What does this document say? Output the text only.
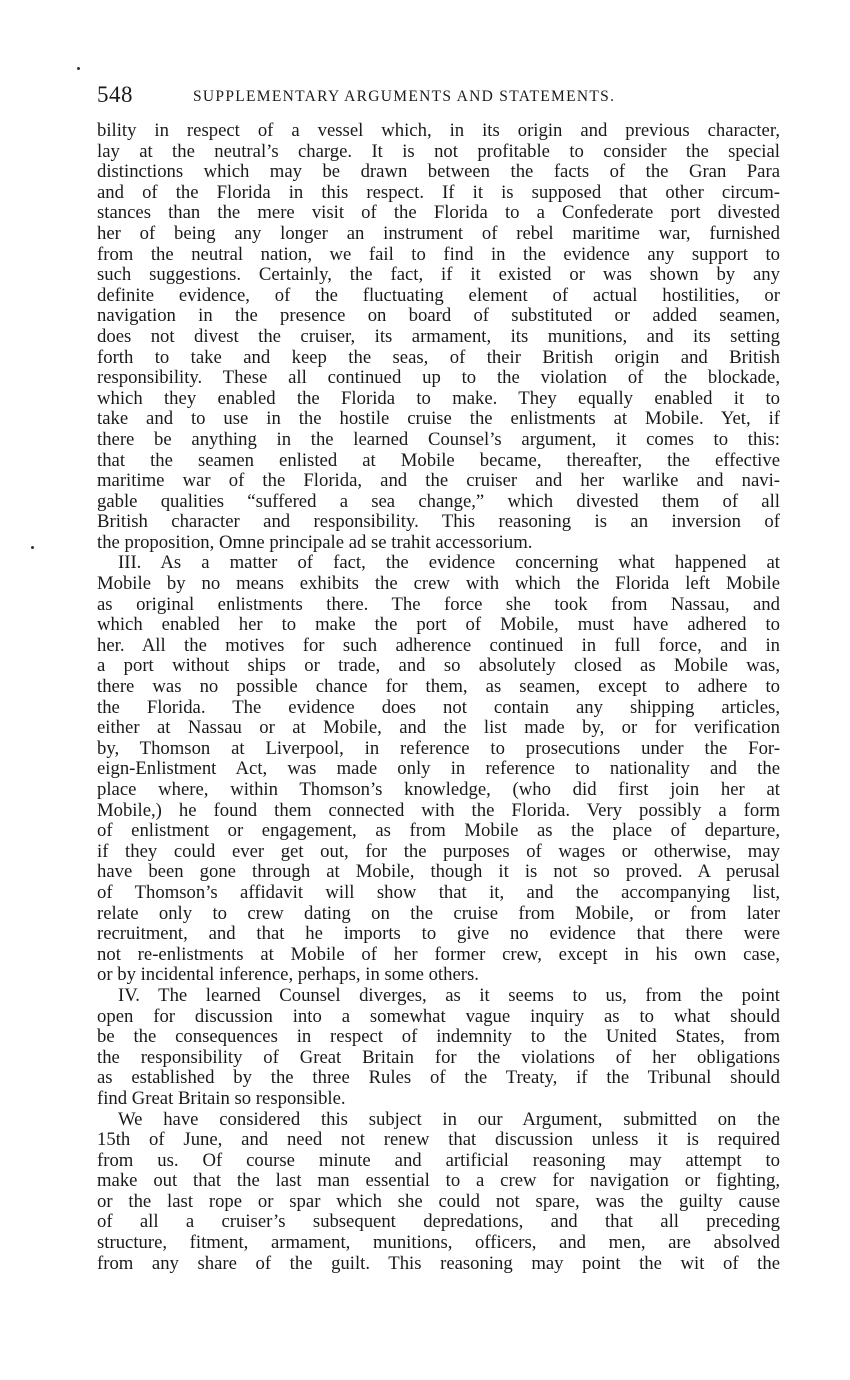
548	SUPPLEMENTARY ARGUMENTS AND STATEMENTS.
bility in respect of a vessel which, in its origin and previous character,
lay at the neutral’s charge. It is not profitable to consider the special
distinctions which may be drawn between the facts of the Gran Para
and of the Florida in this respect. If it is supposed that other circum-
stances than the mere visit of the Florida to a Confederate port divested
her of being any longer an instrument of rebel maritime war, furnished
from the neutral nation, we fail to find in the evidence any support to
such suggestions. Certainly, the fact, if it existed or was shown by any
definite evidence, of the fluctuating element of actual hostilities, or
navigation in the presence on board of substituted or added seamen,
does not divest the cruiser, its armament, its munitions, and its setting
forth to take and keep the seas, of their British origin and British
responsibility. These all continued up to the violation of the blockade,
which they enabled the Florida to make. They equally enabled it to
take and to use in the hostile cruise the enlistments at Mobile. Yet, if
there be anything in the learned Counsel’s argument, it comes to this:
that the seamen enlisted at Mobile became, thereafter, the effective
maritime war of the Florida, and the cruiser and her warlike and navi-
gable qualities “suffered a sea change,” which divested them of all
British character and responsibility. This reasoning is an inversion of
the proposition, Omne principale ad se trahit accessorium.
III. As a matter of fact, the evidence concerning what happened at
Mobile by no means exhibits the crew with which the Florida left Mobile
as original enlistments there. The force she took from Nassau, and
which enabled her to make the port of Mobile, must have adhered to
her. All the motives for such adherence continued in full force, and in
a port without ships or trade, and so absolutely closed as Mobile was,
there was no possible chance for them, as seamen, except to adhere to
the Florida. The evidence does not contain any shipping articles,
either at Nassau or at Mobile, and the list made by, or for verification
by, Thomson at Liverpool, in reference to prosecutions under the For-
eign-Enlistment Act, was made only in reference to nationality and the
place where, within Thomson’s knowledge, (who did first join her at
Mobile,) he found them connected with the Florida. Very possibly a form
of enlistment or engagement, as from Mobile as the place of departure,
if they could ever get out, for the purposes of wages or otherwise, may
have been gone through at Mobile, though it is not so proved. A perusal
of Thomson’s affidavit will show that it, and the accompanying list,
relate only to crew dating on the cruise from Mobile, or from later
recruitment, and that he imports to give no evidence that there were
not re-enlistments at Mobile of her former crew, except in his own case,
or by incidental inference, perhaps, in some others.
IV. The learned Counsel diverges, as it seems to us, from the point
open for discussion into a somewhat vague inquiry as to what should
be the consequences in respect of indemnity to the United States, from
the responsibility of Great Britain for the violations of her obligations
as established by the three Rules of the Treaty, if the Tribunal should
find Great Britain so responsible.
We have considered this subject in our Argument, submitted on the
15th of June, and need not renew that discussion unless it is required
from us. Of course minute and artificial reasoning may attempt to
make out that the last man essential to a crew for navigation or fighting,
or the last rope or spar which she could not spare, was the guilty cause
of all a cruiser’s subsequent depredations, and that all preceding
structure, fitment, armament, munitions, officers, and men, are absolved
from any share of the guilt. This reasoning may point the wit of the
